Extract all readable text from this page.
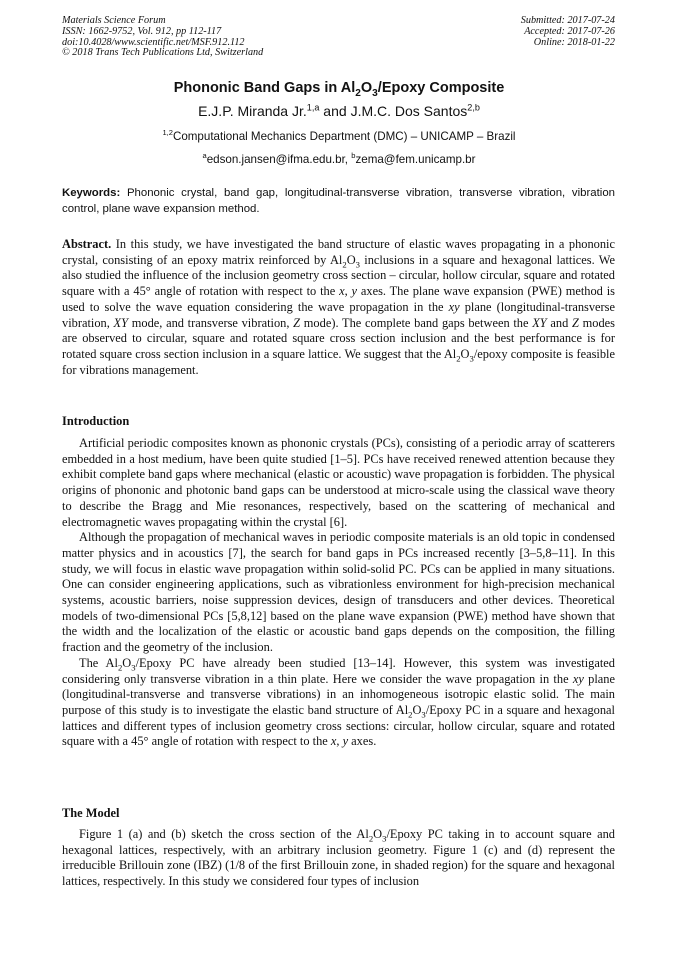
Materials Science Forum
ISSN: 1662-9752, Vol. 912, pp 112-117
doi:10.4028/www.scientific.net/MSF.912.112
© 2018 Trans Tech Publications Ltd, Switzerland
Submitted: 2017-07-24
Accepted: 2017-07-26
Online: 2018-01-22
Phononic Band Gaps in $Al_2O_3$/Epoxy Composite
E.J.P. Miranda Jr.$^{1,a}$ and J.M.C. Dos Santos$^{2,b}$
$^{1,2}$Computational Mechanics Department (DMC) – UNICAMP – Brazil
$^a$edson.jansen@ifma.edu.br, $^b$zema@fem.unicamp.br
Keywords: Phononic crystal, band gap, longitudinal-transverse vibration, transverse vibration, vibration control, plane wave expansion method.
Abstract. In this study, we have investigated the band structure of elastic waves propagating in a phononic crystal, consisting of an epoxy matrix reinforced by $Al_2O_3$ inclusions in a square and hexagonal lattices. We also studied the influence of the inclusion geometry cross section – circular, hollow circular, square and rotated square with a 45° angle of rotation with respect to the x, y axes. The plane wave expansion (PWE) method is used to solve the wave equation considering the wave propagation in the xy plane (longitudinal-transverse vibration, XY mode, and transverse vibration, Z mode). The complete band gaps between the XY and Z modes are observed to circular, square and rotated square cross section inclusion and the best performance is for rotated square cross section inclusion in a square lattice. We suggest that the $Al_2O_3$/epoxy composite is feasible for vibrations management.
Introduction

Artificial periodic composites known as phononic crystals (PCs), consisting of a periodic array of scatterers embedded in a host medium, have been quite studied [1–5]. PCs have received renewed attention because they exhibit complete band gaps where mechanical (elastic or acoustic) wave propagation is forbidden. The physical origins of phononic and photonic band gaps can be understood at micro-scale using the classical wave theory to describe the Bragg and Mie resonances, respectively, based on the scattering of mechanical and electromagnetic waves propagating within the crystal [6].

Although the propagation of mechanical waves in periodic composite materials is an old topic in condensed matter physics and in acoustics [7], the search for band gaps in PCs increased recently [3–5,8–11]. In this study, we will focus in elastic wave propagation within solid-solid PC. PCs can be applied in many situations. One can consider engineering applications, such as vibrationless environment for high-precision mechanical systems, acoustic barriers, noise suppression devices, design of transducers and other devices. Theoretical models of two-dimensional PCs [5,8,12] based on the plane wave expansion (PWE) method have shown that the width and the localization of the elastic or acoustic band gaps depends on the composition, the filling fraction and the geometry of the inclusion.

The $Al_2O_3$/Epoxy PC have already been studied [13–14]. However, this system was investigated considering only transverse vibration in a thin plate. Here we consider the wave propagation in the xy plane (longitudinal-transverse and transverse vibrations) in an inhomogeneous isotropic elastic solid. The main purpose of this study is to investigate the elastic band structure of $Al_2O_3$/Epoxy PC in a square and hexagonal lattices and different types of inclusion geometry cross sections: circular, hollow circular, square and rotated square with a 45° angle of rotation with respect to the x, y axes.

The Model

Figure 1 (a) and (b) sketch the cross section of the $Al_2O_3$/Epoxy PC taking in to account square and hexagonal lattices, respectively, with an arbitrary inclusion geometry. Figure 1 (c) and (d) represent the irreducible Brillouin zone (IBZ) (1/8 of the first Brillouin zone, in shaded region) for the square and hexagonal lattices, respectively. In this study we considered four types of inclusion
